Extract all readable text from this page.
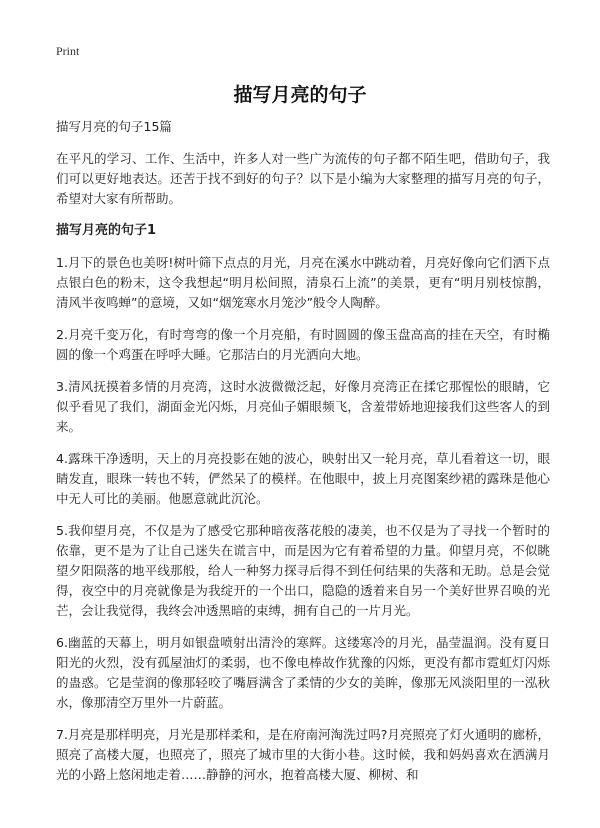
Print
描写月亮的句子

描写月亮的句子15篇

在平凡的学习、工作、生活中，许多人对一些广为流传的句子都不陌生吧，借助句子，我们可以更好地表达。还苦于找不到好的句子？以下是小编为大家整理的描写月亮的句子，希望对大家有所帮助。

描写月亮的句子1

1.月下的景色也美呀!树叶筛下点点的月光，月亮在溪水中跳动着，月亮好像向它们洒下点点银白色的粉末，这令我想起“明月松间照，清泉石上流”的美景，更有“明月别枝惊鹊，清风半夜鸣蝉”的意境，又如“烟笼寒水月笼沙”般令人陶醉。

2.月亮千变万化，有时弯弯的像一个月亮船，有时圆圆的像玉盘高高的挂在天空，有时椭圆的像一个鸡蛋在呼呼大睡。它那洁白的月光洒向大地。

3.清风抚摸着多情的月亮湾，这时水波微微泛起，好像月亮湾正在揉它那惺忪的眼睛，它似乎看见了我们，湖面金光闪烁，月亮仙子媚眼频飞，含羞带娇地迎接我们这些客人的到来。

4.露珠干净透明，天上的月亮投影在她的波心，映射出又一轮月亮，草儿看着这一切，眼睛发直，眼珠一转也不转，俨然呆了的模样。在他眼中，披上月亮图案纱裙的露珠是他心中无人可比的美丽。他愿意就此沉沦。

5.我仰望月亮，不仅是为了感受它那种暗夜落花般的凄美，也不仅是为了寻找一个暂时的依靠，更不是为了让自己迷失在谎言中，而是因为它有着希望的力量。仰望月亮，不似眺望夕阳陨落的地平线那般，给人一种努力探寻后得不到任何结果的失落和无助。总是会觉得，夜空中的月亮就像是为我绽开的一个出口，隐隐的透着来自另一个美好世界召唤的光芒，会让我觉得，我终会冲透黑暗的束缚，拥有自己的一片月光。

6.幽蓝的天幕上，明月如银盘喷射出清泠的寒辉。这缕寒冷的月光，晶莹温润。没有夏日阳光的火烈，没有孤屋油灯的柔弱，也不像电棒故作犹豫的闪烁，更没有都市霓虹灯闪烁的蛊惑。它是莹润的像那轻咬了嘴唇满含了柔情的少女的美眸，像那无风淡阳里的一泓秋水，像那清空万里外一片蔚蓝。

7.月亮是那样明亮，月光是那样柔和，是在府南河淘洗过吗?月亮照亮了灯火通明的廊桥，照亮了高楼大厦，也照亮了，照亮了城市里的大街小巷。这时候，我和妈妈喜欢在洒满月光的小路上悠闲地走着……静静的河水，抱着高楼大厦、柳树、和
